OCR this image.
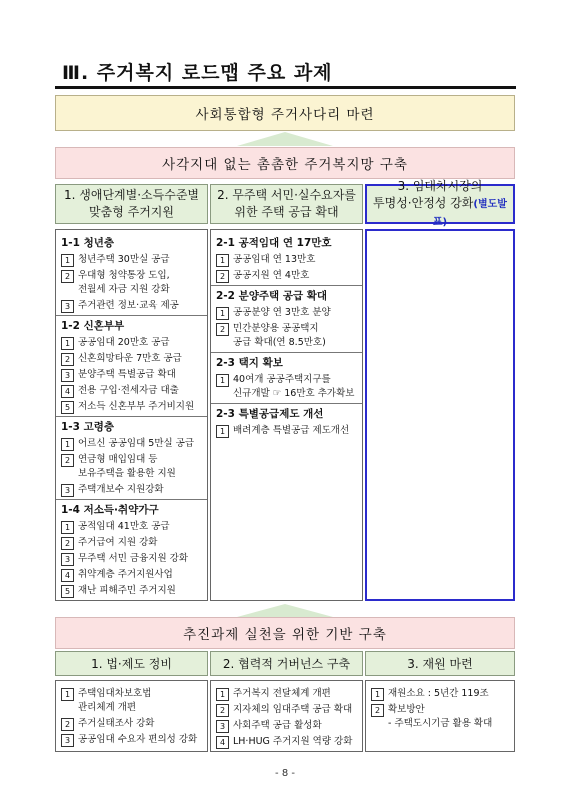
Ⅲ. 주거복지 로드맵 주요 과제
사회통합형 주거사다리 마련
사각지대 없는 촘촘한 주거복지망 구축
1. 생애단계별·소득수준별
맞춤형 주거지원
2. 무주택 서민·실수요자를
위한 주택 공급 확대
3. 임대차시장의
투명성·안정성 강화(별도발표)
1-1 청년층
1 청년주택 30만실 공급
2 우대형 청약통장 도입,
전월세 자금 지원 강화
3 주거관련 정보·교육 제공
1-2 신혼부부
1 공공임대 20만호 공급
2 신혼희망타운 7만호 공급
3 분양주택 특별공급 확대
4 전용 구입·전세자금 대출
5 저소득 신혼부부 주거비지원
1-3 고령층
1 어르신 공공임대 5만실 공급
2 연금형 매입임대 등
보유주택을 활용한 지원
3 주택개보수 지원강화
1-4 저소득·취약가구
1 공적임대 41만호 공급
2 주거급여 지원 강화
3 무주택 서민 금융지원 강화
4 취약계층 주거지원사업
5 재난 피해주민 주거지원
2-1 공적임대 연 17만호
1 공공임대 연 13만호
2 공공지원 연 4만호
2-2 분양주택 공급 확대
1 공공분양 연 3만호 분양
2 민간분양용 공공택지
공급 확대(연 8.5만호)
2-3 택지 확보
1 40여개 공공주택지구를
신규개발 ☞ 16만호 추가확보
2-3 특별공급제도 개선
1 배려계층 특별공급 제도개선
추진과제 실천을 위한 기반 구축
1. 법·제도 정비	2. 협력적 거버넌스 구축	3. 재원 마련
1 주택임대차보호법
관리체계 개편
2 주거실태조사 강화
3 공공임대 수요자 편의성 강화
1 주거복지 전달체계 개편
2 지자체의 임대주택 공급 확대
3 사회주택 공급 활성화
4 LH·HUG 주거지원 역량 강화
1 재원소요 : 5년간 119조
2 확보방안
- 주택도시기금 활용 확대
- 8 -
